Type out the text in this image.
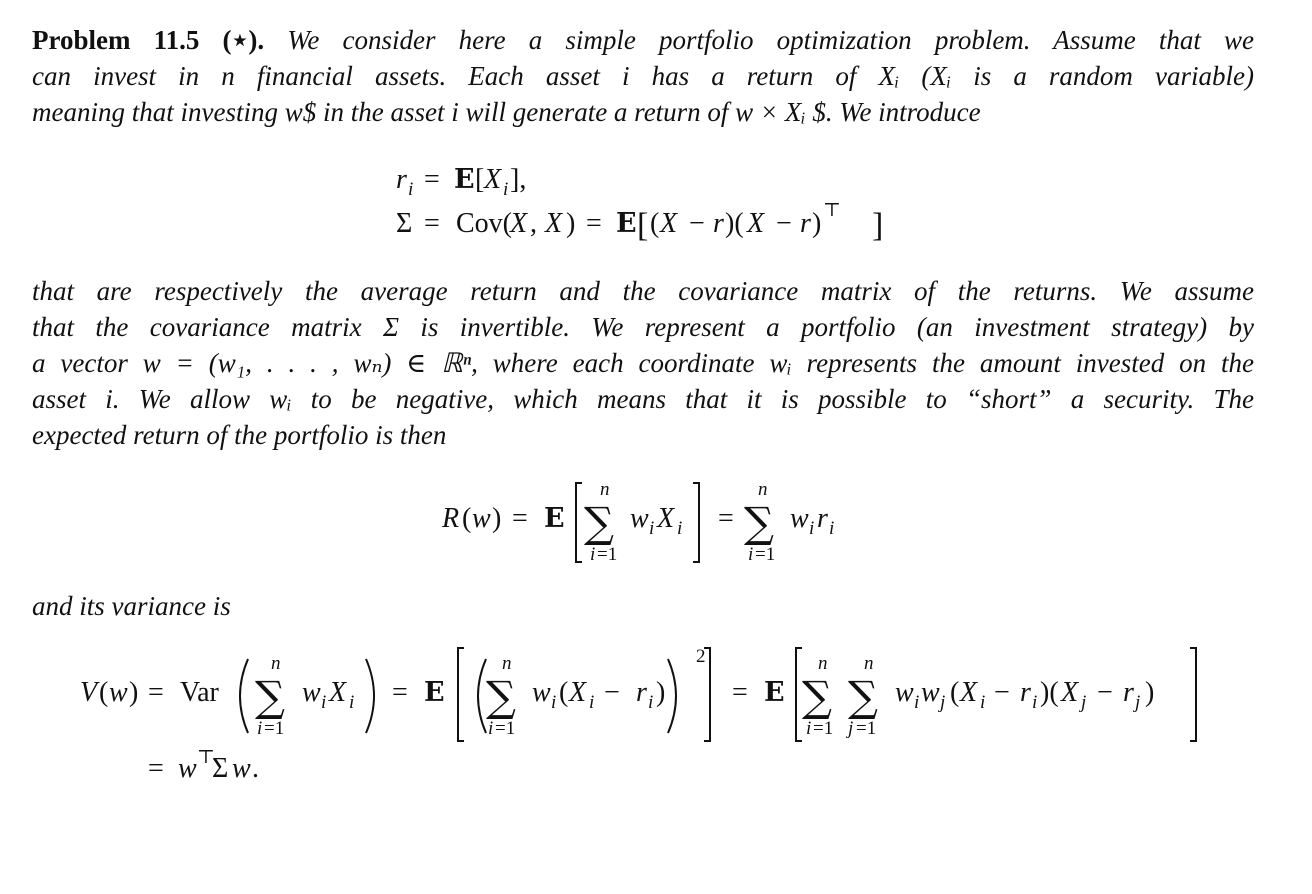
Problem 11.5 (⋆). We consider here a simple portfolio optimization problem. Assume that we
can invest in n financial assets. Each asset i has a return of Xᵢ (Xᵢ is a random variable)
meaning that investing w$ in the asset i will generate a return of w × Xᵢ $. We introduce
r i = E [ X i ],
Σ = Cov(
X , X ) = E [ ( X − r )( X − r ) ⊤ ]
that are respectively the average return and the covariance matrix of the returns. We assume
that the covariance matrix Σ is invertible. We represent a portfolio (an investment strategy) by
a vector w = (w₁, . . . , wₙ) ∈ ℝⁿ, where each coordinate wᵢ represents the amount invested on the
asset i. We allow wᵢ to be negative, which means that it is possible to “short” a security. The
expected return of the portfolio is then
R ( w ) = E
n
∑
i =1
w i X i =
n
∑
i =1
w i r i
and its variance is
V ( w ) = Var
n
∑
i =1
w i X i = E
n
∑
i =1
w i ( X i − r i )
2
= E
n
∑
i =1
n
∑
j =1
w i w j ( X i − r i )( X j − r j )
= w ⊤
Σ w .
